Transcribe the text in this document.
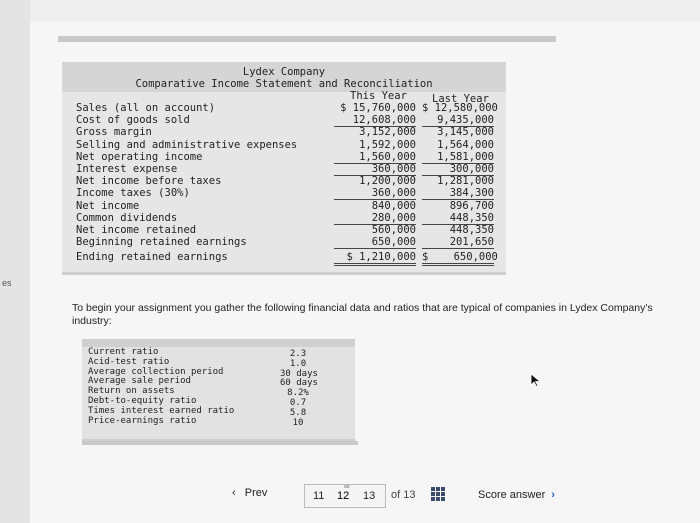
es
Lydex Company
Comparative Income Statement and Reconciliation
This Year Last Year
Sales (all on account)	$ 15,760,000 $ 12,580,000
Cost of goods sold	12,608,000	9,435,000
Gross margin	3,152,000	3,145,000
Selling and administrative expenses	1,592,000	1,564,000
Net operating income	1,560,000	1,581,000
Interest expense	360,000	300,000
Net income before taxes	1,200,000	1,281,000
Income taxes (30%)	360,000	384,300
Net income	840,000	896,700
Common dividends	280,000	448,350
Net income retained	560,000	448,350
Beginning retained earnings	650,000	201,650
Ending retained earnings	$ 1,210,000 $    650,000
To begin your assignment you gather the following financial data and ratios that are typical of companies in Lydex Company's industry:
Current ratio	2.3
Acid-test ratio	1.0
Average collection period	30 days
Average sale period	60 days
Return on assets	8.2%
Debt-to-equity ratio	0.7
Times interest earned ratio	5.8
Price-earnings ratio	10
‹ Prev	11
∞
12 13 of 13	Score answer ›
